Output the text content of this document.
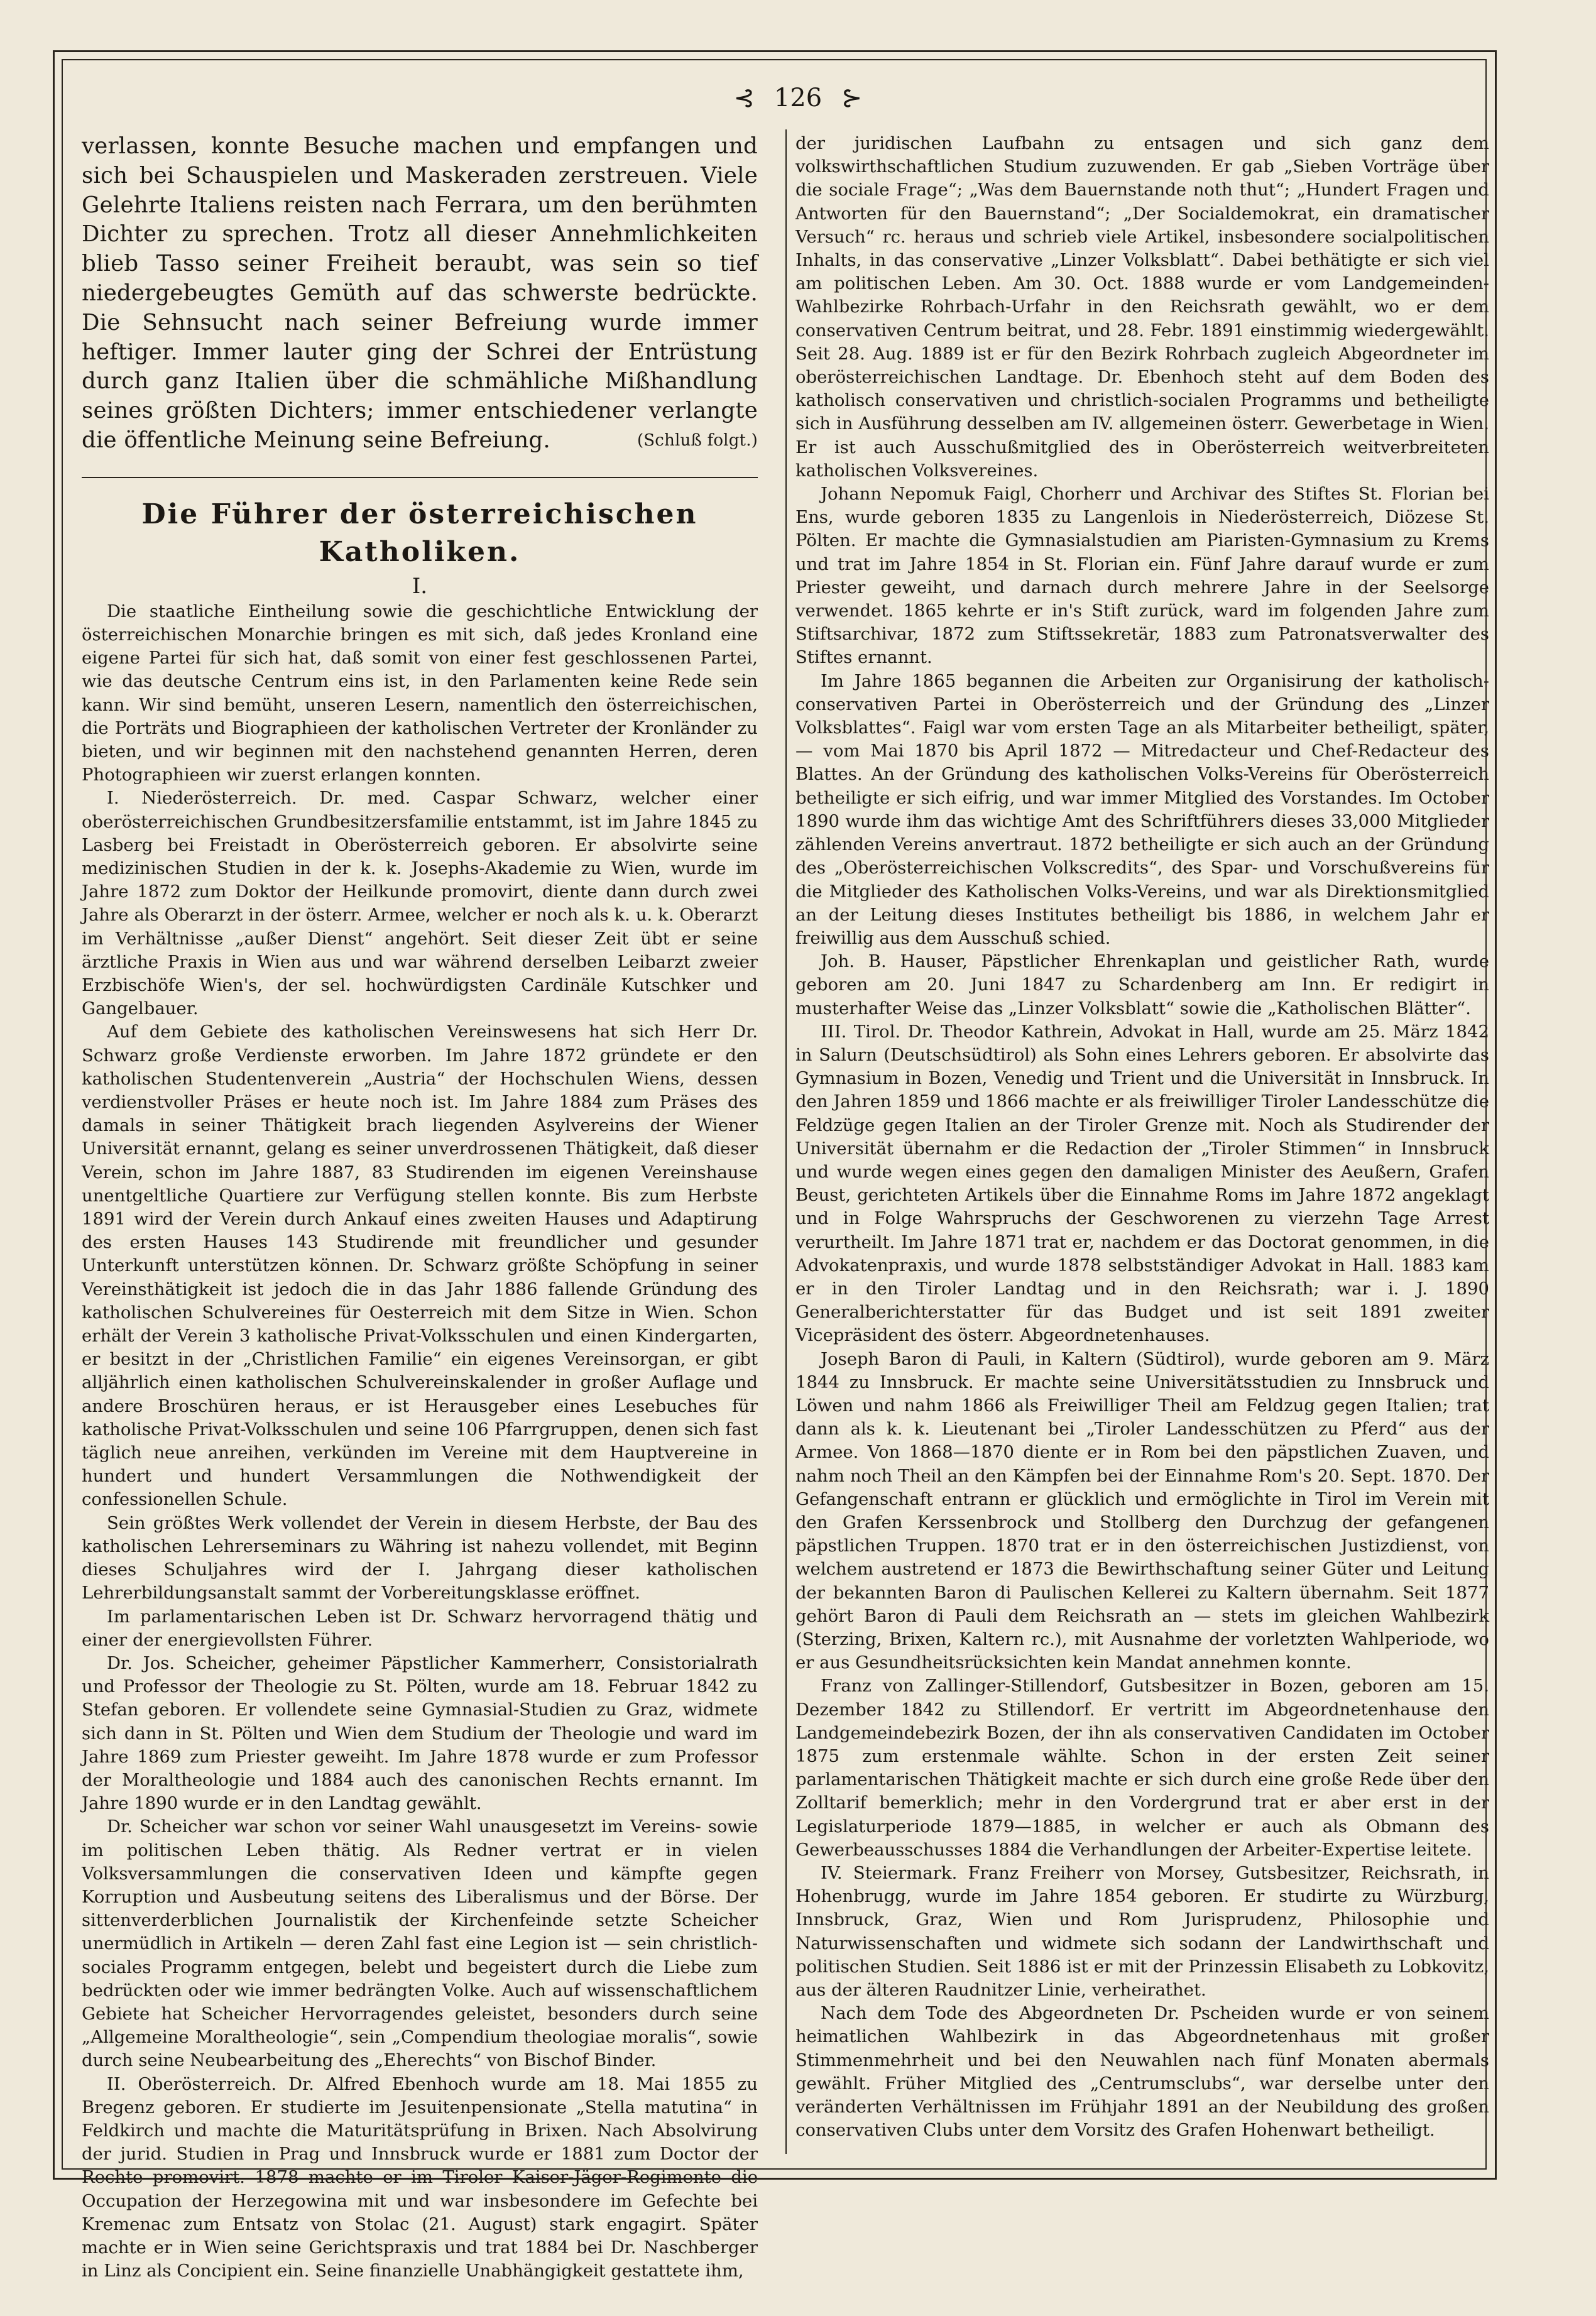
⊰ 126 ⊱

verlassen, konnte Besuche machen und empfangen und sich bei Schauspielen und Maskeraden zerstreuen. Viele Gelehrte Italiens reisten nach Ferrara, um den berühmten Dichter zu sprechen. Trotz all dieser Annehmlichkeiten blieb Tasso seiner Freiheit beraubt, was sein so tief niedergebeugtes Gemüth auf das schwerste bedrückte. Die Sehnsucht nach seiner Befreiung wurde immer heftiger. Immer lauter ging der Schrei der Entrüstung durch ganz Italien über die schmähliche Mißhandlung seines größten Dichters; immer entschiedener verlangte die öffentliche Meinung seine Befreiung.	(Schluß folgt.)

Die Führer der österreichischen Katholiken.
I.

Die staatliche Eintheilung sowie die geschichtliche Entwicklung der österreichischen Monarchie bringen es mit sich, daß jedes Kronland eine eigene Partei für sich hat, daß somit von einer fest geschlossenen Partei, wie das deutsche Centrum eins ist, in den Parlamenten keine Rede sein kann. Wir sind bemüht, unseren Lesern, namentlich den österreichischen, die Porträts und Biographieen der katholischen Vertreter der Kronländer zu bieten, und wir beginnen mit den nachstehend genannten Herren, deren Photographieen wir zuerst erlangen konnten.

I. Niederösterreich. Dr. med. Caspar Schwarz, welcher einer oberösterreichischen Grundbesitzersfamilie entstammt, ist im Jahre 1845 zu Lasberg bei Freistadt in Oberösterreich geboren. Er absolvirte seine medizinischen Studien in der k. k. Josephs-Akademie zu Wien, wurde im Jahre 1872 zum Doktor der Heilkunde promovirt, diente dann durch zwei Jahre als Oberarzt in der österr. Armee, welcher er noch als k. u. k. Oberarzt im Verhältnisse „außer Dienst“ angehört. Seit dieser Zeit übt er seine ärztliche Praxis in Wien aus und war während derselben Leibarzt zweier Erzbischöfe Wien's, der sel. hochwürdigsten Cardinäle Kutschker und Gangelbauer.

Auf dem Gebiete des katholischen Vereinswesens hat sich Herr Dr. Schwarz große Verdienste erworben. Im Jahre 1872 gründete er den katholischen Studentenverein „Austria“ der Hochschulen Wiens, dessen verdienstvoller Präses er heute noch ist. Im Jahre 1884 zum Präses des damals in seiner Thätigkeit brach liegenden Asylvereins der Wiener Universität ernannt, gelang es seiner unverdrossenen Thätigkeit, daß dieser Verein, schon im Jahre 1887, 83 Studirenden im eigenen Vereinshause unentgeltliche Quartiere zur Verfügung stellen konnte. Bis zum Herbste 1891 wird der Verein durch Ankauf eines zweiten Hauses und Adaptirung des ersten Hauses 143 Studirende mit freundlicher und gesunder Unterkunft unterstützen können. Dr. Schwarz größte Schöpfung in seiner Vereinsthätigkeit ist jedoch die in das Jahr 1886 fallende Gründung des katholischen Schulvereines für Oesterreich mit dem Sitze in Wien. Schon erhält der Verein 3 katholische Privat-Volksschulen und einen Kindergarten, er besitzt in der „Christlichen Familie“ ein eigenes Vereinsorgan, er gibt alljährlich einen katholischen Schulvereinskalender in großer Auflage und andere Broschüren heraus, er ist Herausgeber eines Lesebuches für katholische Privat-Volksschulen und seine 106 Pfarrgruppen, denen sich fast täglich neue anreihen, verkünden im Vereine mit dem Hauptvereine in hundert und hundert Versammlungen die Nothwendigkeit der confessionellen Schule.

Sein größtes Werk vollendet der Verein in diesem Herbste, der Bau des katholischen Lehrerseminars zu Währing ist nahezu vollendet, mit Beginn dieses Schuljahres wird der I. Jahrgang dieser katholischen Lehrerbildungsanstalt sammt der Vorbereitungsklasse eröffnet.

Im parlamentarischen Leben ist Dr. Schwarz hervorragend thätig und einer der energievollsten Führer.

Dr. Jos. Scheicher, geheimer Päpstlicher Kammerherr, Consistorialrath und Professor der Theologie zu St. Pölten, wurde am 18. Februar 1842 zu Stefan geboren. Er vollendete seine Gymnasial-Studien zu Graz, widmete sich dann in St. Pölten und Wien dem Studium der Theologie und ward im Jahre 1869 zum Priester geweiht. Im Jahre 1878 wurde er zum Professor der Moraltheologie und 1884 auch des canonischen Rechts ernannt. Im Jahre 1890 wurde er in den Landtag gewählt.

Dr. Scheicher war schon vor seiner Wahl unausgesetzt im Vereins- sowie im politischen Leben thätig. Als Redner vertrat er in vielen Volksversammlungen die conservativen Ideen und kämpfte gegen Korruption und Ausbeutung seitens des Liberalismus und der Börse. Der sittenverderblichen Journalistik der Kirchenfeinde setzte Scheicher unermüdlich in Artikeln — deren Zahl fast eine Legion ist — sein christlich-sociales Programm entgegen, belebt und begeistert durch die Liebe zum bedrückten oder wie immer bedrängten Volke. Auch auf wissenschaftlichem Gebiete hat Scheicher Hervorragendes geleistet, besonders durch seine „Allgemeine Moraltheologie“, sein „Compendium theologiae moralis“, sowie durch seine Neubearbeitung des „Eherechts“ von Bischof Binder.

II. Oberösterreich. Dr. Alfred Ebenhoch wurde am 18. Mai 1855 zu Bregenz geboren. Er studierte im Jesuitenpensionate „Stella matutina“ in Feldkirch und machte die Maturitätsprüfung in Brixen. Nach Absolvirung der jurid. Studien in Prag und Innsbruck wurde er 1881 zum Doctor der Rechte promovirt. 1878 machte er im Tiroler Kaiser-Jäger-Regimente die Occupation der Herzegowina mit und war insbesondere im Gefechte bei Kremenac zum Entsatz von Stolac (21. August) stark engagirt. Später machte er in Wien seine Gerichtspraxis und trat 1884 bei Dr. Naschberger in Linz als Concipient ein. Seine finanzielle Unabhängigkeit gestattete ihm,

der juridischen Laufbahn zu entsagen und sich ganz dem volkswirthschaftlichen Studium zuzuwenden. Er gab „Sieben Vorträge über die sociale Frage“; „Was dem Bauernstande noth thut“; „Hundert Fragen und Antworten für den Bauernstand“; „Der Socialdemokrat, ein dramatischer Versuch“ rc. heraus und schrieb viele Artikel, insbesondere socialpolitischen Inhalts, in das conservative „Linzer Volksblatt“. Dabei bethätigte er sich viel am politischen Leben. Am 30. Oct. 1888 wurde er vom Landgemeinden-Wahlbezirke Rohrbach-Urfahr in den Reichsrath gewählt, wo er dem conservativen Centrum beitrat, und 28. Febr. 1891 einstimmig wiedergewählt. Seit 28. Aug. 1889 ist er für den Bezirk Rohrbach zugleich Abgeordneter im oberösterreichischen Landtage. Dr. Ebenhoch steht auf dem Boden des katholisch conservativen und christlich-socialen Programms und betheiligte sich in Ausführung desselben am IV. allgemeinen österr. Gewerbetage in Wien. Er ist auch Ausschußmitglied des in Oberösterreich weitverbreiteten katholischen Volksvereines.

Johann Nepomuk Faigl, Chorherr und Archivar des Stiftes St. Florian bei Ens, wurde geboren 1835 zu Langenlois in Niederösterreich, Diözese St. Pölten. Er machte die Gymnasialstudien am Piaristen-Gymnasium zu Krems und trat im Jahre 1854 in St. Florian ein. Fünf Jahre darauf wurde er zum Priester geweiht, und darnach durch mehrere Jahre in der Seelsorge verwendet. 1865 kehrte er in's Stift zurück, ward im folgenden Jahre zum Stiftsarchivar, 1872 zum Stiftssekretär, 1883 zum Patronatsverwalter des Stiftes ernannt.

Im Jahre 1865 begannen die Arbeiten zur Organisirung der katholisch-conservativen Partei in Oberösterreich und der Gründung des „Linzer Volksblattes“. Faigl war vom ersten Tage an als Mitarbeiter betheiligt, später, — vom Mai 1870 bis April 1872 — Mitredacteur und Chef-Redacteur des Blattes. An der Gründung des katholischen Volks-Vereins für Oberösterreich betheiligte er sich eifrig, und war immer Mitglied des Vorstandes. Im October 1890 wurde ihm das wichtige Amt des Schriftführers dieses 33,000 Mitglieder zählenden Vereins anvertraut. 1872 betheiligte er sich auch an der Gründung des „Oberösterreichischen Volkscredits“, des Spar- und Vorschußvereins für die Mitglieder des Katholischen Volks-Vereins, und war als Direktionsmitglied an der Leitung dieses Institutes betheiligt bis 1886, in welchem Jahr er freiwillig aus dem Ausschuß schied.

Joh. B. Hauser, Päpstlicher Ehrenkaplan und geistlicher Rath, wurde geboren am 20. Juni 1847 zu Schardenberg am Inn. Er redigirt in musterhafter Weise das „Linzer Volksblatt“ sowie die „Katholischen Blätter“.

III. Tirol. Dr. Theodor Kathrein, Advokat in Hall, wurde am 25. März 1842 in Salurn (Deutschsüdtirol) als Sohn eines Lehrers geboren. Er absolvirte das Gymnasium in Bozen, Venedig und Trient und die Universität in Innsbruck. In den Jahren 1859 und 1866 machte er als freiwilliger Tiroler Landesschütze die Feldzüge gegen Italien an der Tiroler Grenze mit. Noch als Studirender der Universität übernahm er die Redaction der „Tiroler Stimmen“ in Innsbruck und wurde wegen eines gegen den damaligen Minister des Aeußern, Grafen Beust, gerichteten Artikels über die Einnahme Roms im Jahre 1872 angeklagt und in Folge Wahrspruchs der Geschworenen zu vierzehn Tage Arrest verurtheilt. Im Jahre 1871 trat er, nachdem er das Doctorat genommen, in die Advokatenpraxis, und wurde 1878 selbstständiger Advokat in Hall. 1883 kam er in den Tiroler Landtag und in den Reichsrath; war i. J. 1890 Generalberichterstatter für das Budget und ist seit 1891 zweiter Vicepräsident des österr. Abgeordnetenhauses.

Joseph Baron di Pauli, in Kaltern (Südtirol), wurde geboren am 9. März 1844 zu Innsbruck. Er machte seine Universitätsstudien zu Innsbruck und Löwen und nahm 1866 als Freiwilliger Theil am Feldzug gegen Italien; trat dann als k. k. Lieutenant bei „Tiroler Landesschützen zu Pferd“ aus der Armee. Von 1868—1870 diente er in Rom bei den päpstlichen Zuaven, und nahm noch Theil an den Kämpfen bei der Einnahme Rom's 20. Sept. 1870. Der Gefangenschaft entrann er glücklich und ermöglichte in Tirol im Verein mit den Grafen Kerssenbrock und Stollberg den Durchzug der gefangenen päpstlichen Truppen. 1870 trat er in den österreichischen Justizdienst, von welchem austretend er 1873 die Bewirthschaftung seiner Güter und Leitung der bekannten Baron di Paulischen Kellerei zu Kaltern übernahm. Seit 1877 gehört Baron di Pauli dem Reichsrath an — stets im gleichen Wahlbezirk (Sterzing, Brixen, Kaltern rc.), mit Ausnahme der vorletzten Wahlperiode, wo er aus Gesundheitsrücksichten kein Mandat annehmen konnte.

Franz von Zallinger-Stillendorf, Gutsbesitzer in Bozen, geboren am 15. Dezember 1842 zu Stillendorf. Er vertritt im Abgeordnetenhause den Landgemeindebezirk Bozen, der ihn als conservativen Candidaten im October 1875 zum erstenmale wählte. Schon in der ersten Zeit seiner parlamentarischen Thätigkeit machte er sich durch eine große Rede über den Zolltarif bemerklich; mehr in den Vordergrund trat er aber erst in der Legislaturperiode 1879—1885, in welcher er auch als Obmann des Gewerbeausschusses 1884 die Verhandlungen der Arbeiter-Expertise leitete.

IV. Steiermark. Franz Freiherr von Morsey, Gutsbesitzer, Reichsrath, in Hohenbrugg, wurde im Jahre 1854 geboren. Er studirte zu Würzburg, Innsbruck, Graz, Wien und Rom Jurisprudenz, Philosophie und Naturwissenschaften und widmete sich sodann der Landwirthschaft und politischen Studien. Seit 1886 ist er mit der Prinzessin Elisabeth zu Lobkovitz, aus der älteren Raudnitzer Linie, verheirathet.

Nach dem Tode des Abgeordneten Dr. Pscheiden wurde er von seinem heimatlichen Wahlbezirk in das Abgeordnetenhaus mit großer Stimmenmehrheit und bei den Neuwahlen nach fünf Monaten abermals gewählt. Früher Mitglied des „Centrumsclubs“, war derselbe unter den veränderten Verhältnissen im Frühjahr 1891 an der Neubildung des großen conservativen Clubs unter dem Vorsitz des Grafen Hohenwart betheiligt.
